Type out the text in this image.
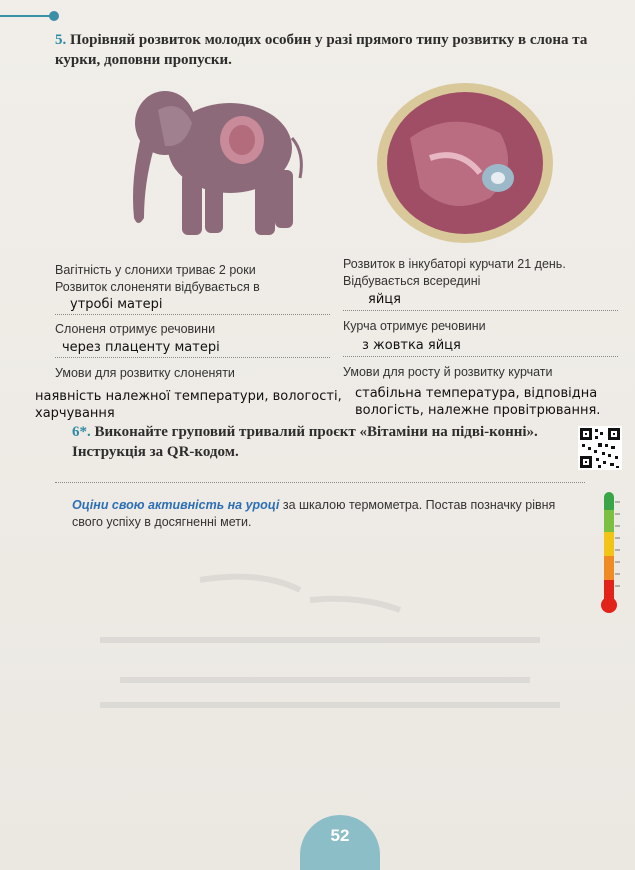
5. Порівняй розвиток молодих особин у разі прямого типу розвитку в слона та курки, доповни пропуски.
Вагітність у слонихи триває 2 роки
Розвиток слоненяти відбувається в
утробі матері
Слоненя отримує речовини
через плаценту матері
Умови для розвитку слоненяти
наявність належної температури, вологості,
харчування
Розвиток в інкубаторі курчати 21 день.
Відбувається всередині
яйця
Курча отримує речовини
з жовтка яйця
Умови для росту й розвитку курчати
стабільна температура, відповідна
вологість, належне провітрювання.
6*. Виконайте груповий тривалий проєкт «Вітаміни на підві-конні». Інструкція за QR-кодом.
Оціни свою активність на уроці за шкалою термометра. Постав позначку рівня свого успіху в досягненні мети.
52
